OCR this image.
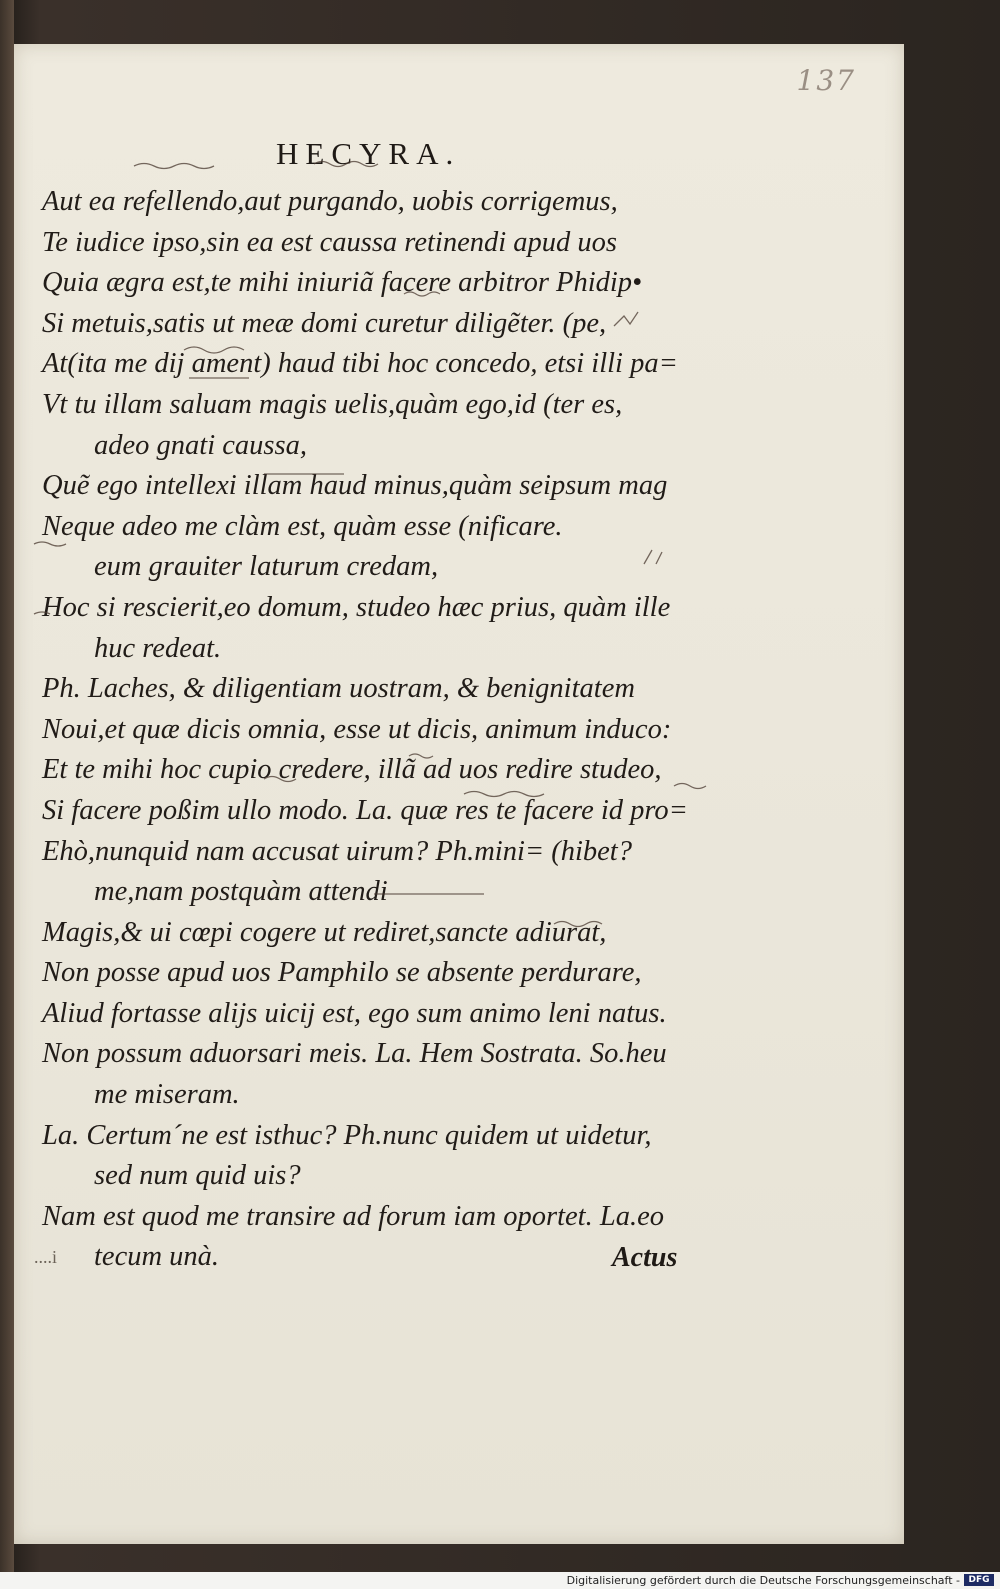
137
HECYRA.
Aut ea refellendo,aut purgando, uobis corrigemus,
Te iudice ipso,sin ea est caussa retinendi apud uos
Quia ægra est,te mihi iniuriã facere arbitror Phidip•
Si metuis,satis ut meæ domi curetur diligẽter. (pe,
At(ita me dij ament) haud tibi hoc concedo, etsi illi pa=
Vt tu illam saluam magis uelis,quàm ego,id (ter es,
adeo gnati caussa,
Quẽ ego intellexi illam haud minus,quàm seipsum mag
Neque adeo me clàm est, quàm esse (nificare.
eum grauiter laturum credam,
Hoc si rescierit,eo domum, studeo hæc prius, quàm ille
huc redeat.
Ph. Laches, & diligentiam uostram, & benignitatem
Noui,et quæ dicis omnia, esse ut dicis, animum induco:
Et te mihi hoc cupio credere, illã ad uos redire studeo,
Si facere poßim ullo modo. La. quæ res te facere id pro=
Ehò,nunquid nam accusat uirum? Ph.mini= (hibet?
me,nam postquàm attendi
Magis,& ui cœpi cogere ut rediret,sancte adiurat,
Non posse apud uos Pamphilo se absente perdurare,
Aliud fortasse alijs uicij est, ego sum animo leni natus.
Non possum aduorsari meis. La. Hem Sostrata. So.heu
me miseram.
La. Certum´ne est isthuc? Ph.nunc quidem ut uidetur,
sed num quid uis?
Nam est quod me transire ad forum iam oportet. La.eo
tecum unà.
....i	Actus
Digitalisierung gefördert durch die Deutsche Forschungsgemeinschaft - DFG
